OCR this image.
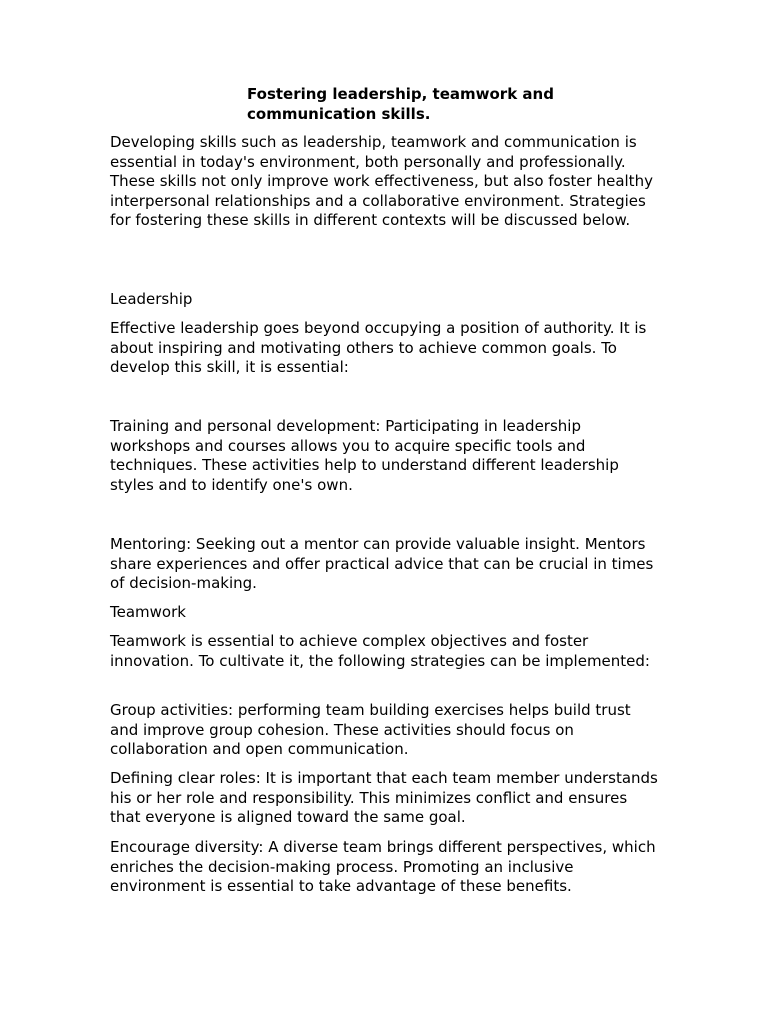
Fostering leadership, teamwork and communication skills.

Developing skills such as leadership, teamwork and communication is essential in today's environment, both personally and professionally. These skills not only improve work effectiveness, but also foster healthy interpersonal relationships and a collaborative environment. Strategies for fostering these skills in different contexts will be discussed below.

Leadership

Effective leadership goes beyond occupying a position of authority. It is about inspiring and motivating others to achieve common goals. To develop this skill, it is essential:

Training and personal development: Participating in leadership workshops and courses allows you to acquire specific tools and techniques. These activities help to understand different leadership styles and to identify one's own.

Mentoring: Seeking out a mentor can provide valuable insight. Mentors share experiences and offer practical advice that can be crucial in times of decision-making.

Teamwork

Teamwork is essential to achieve complex objectives and foster innovation. To cultivate it, the following strategies can be implemented:

Group activities: performing team building exercises helps build trust and improve group cohesion. These activities should focus on collaboration and open communication.

Defining clear roles: It is important that each team member understands his or her role and responsibility. This minimizes conflict and ensures that everyone is aligned toward the same goal.

Encourage diversity: A diverse team brings different perspectives, which enriches the decision-making process. Promoting an inclusive environment is essential to take advantage of these benefits.
